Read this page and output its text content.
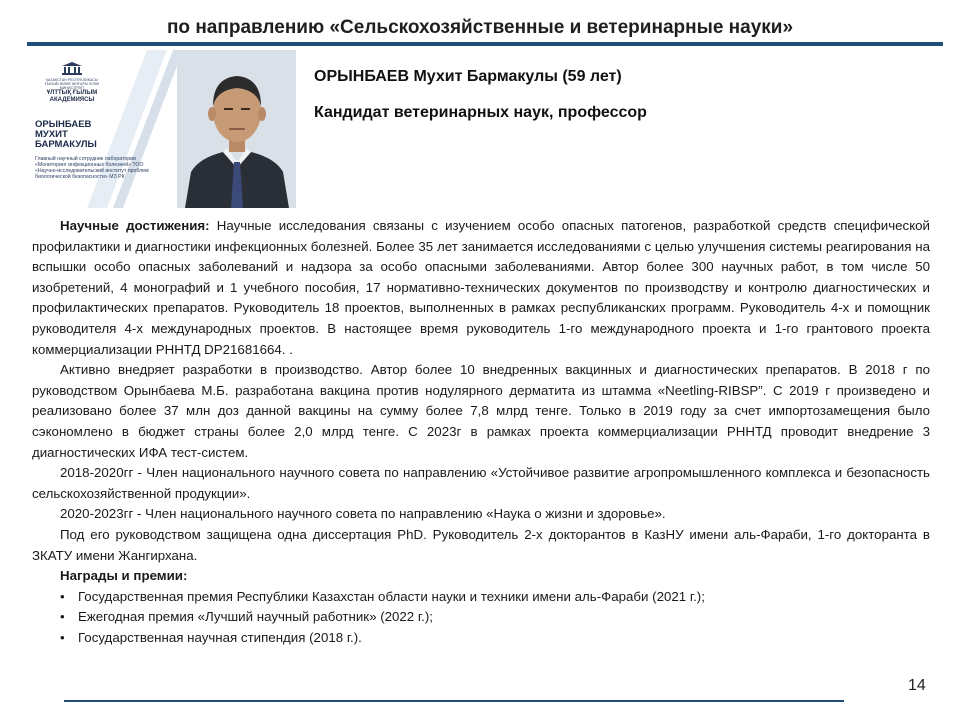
по направлению «Сельскохозяйственные и ветеринарные науки»
ҚАЗАҚСТАН РЕСПУБЛИКАСЫ
ҒЫЛЫМ ЖӘНЕ ЖОҒАРЫ БІЛІМ МИНИСТРЛІГІ
ҰЛТТЫҚ ҒЫЛЫМ
АКАДЕМИЯСЫ
ОРЫНБАЕВ
МУХИТ
БАРМАКУЛЫ
Главный научный сотрудник лаборатории «Мониторинг инфекционных болезней» ТОО «Научно-исследовательский институт проблем биологической безопасности» МЗ РК
ОРЫНБАЕВ Мухит Бармакулы (59 лет)
Кандидат ветеринарных наук, профессор

Научные достижения: Научные исследования связаны с изучением особо опасных патогенов, разработкой средств специфической профилактики и диагностики инфекционных болезней. Более 35 лет занимается исследованиями с целью улучшения системы реагирования на вспышки особо опасных заболеваний и надзора за особо опасными заболеваниями. Автор более 300 научных работ, в том числе 50 изобретений, 4 монографий и 1 учебного пособия, 17 нормативно-технических документов по производству и контролю диагностических и профилактических препаратов. Руководитель 18 проектов, выполненных в рамках республиканских программ. Руководитель 4-х и помощник руководителя 4-х международных проектов. В настоящее время руководитель 1-го международного проекта и 1-го грантового проекта коммерциализации РННТД DP21681664. .

Активно внедряет разработки в производство. Автор более 10 внедренных вакцинных и диагностических препаратов. В 2018 г по руководством Орынбаева М.Б. разработана вакцина против нодулярного дерматита из штамма «Neetling-RIBSP”. С 2019 г произведено и реализовано более 37 млн доз данной вакцины на сумму более 7,8 млрд тенге. Только в 2019 году за счет импортозамещения было сэкономлено в бюджет страны более 2,0 млрд тенге. С 2023г в рамках проекта коммерциализации РННТД проводит внедрение 3 диагностических ИФА тест-систем.

2018-2020гг - Член национального научного совета по направлению «Устойчивое развитие агропромышленного комплекса и безопасность сельскохозяйственной продукции».

2020-2023гг - Член национального научного совета по направлению «Наука о жизни и здоровье».

Под его руководством защищена одна диссертация PhD. Руководитель 2-х докторантов в КазНУ имени аль-Фараби, 1-го докторанта в ЗКАТУ имени Жангирхана.

Награды и премии:

• Государственная премия Республики Казахстан области науки и техники имени аль-Фараби (2021 г.);
• Ежегодная премия «Лучший научный работник» (2022 г.);
• Государственная научная стипендия (2018 г.).
14
